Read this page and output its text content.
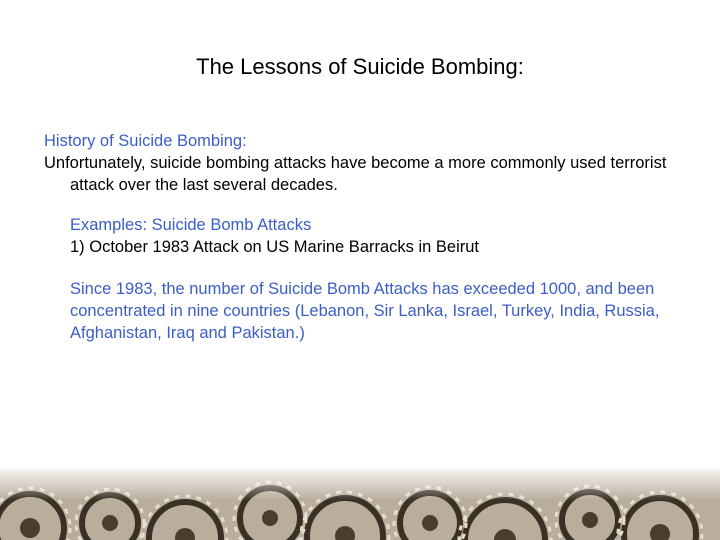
The Lessons of Suicide Bombing:

History of Suicide Bombing:

Unfortunately, suicide bombing attacks have become a more commonly used terrorist attack over the last several decades.

Examples: Suicide Bomb Attacks

1) October 1983 Attack on US Marine Barracks in Beirut

Since 1983, the number of Suicide Bomb Attacks has exceeded 1000, and been concentrated in nine countries (Lebanon, Sir Lanka, Israel, Turkey, India, Russia, Afghanistan, Iraq and Pakistan.)
